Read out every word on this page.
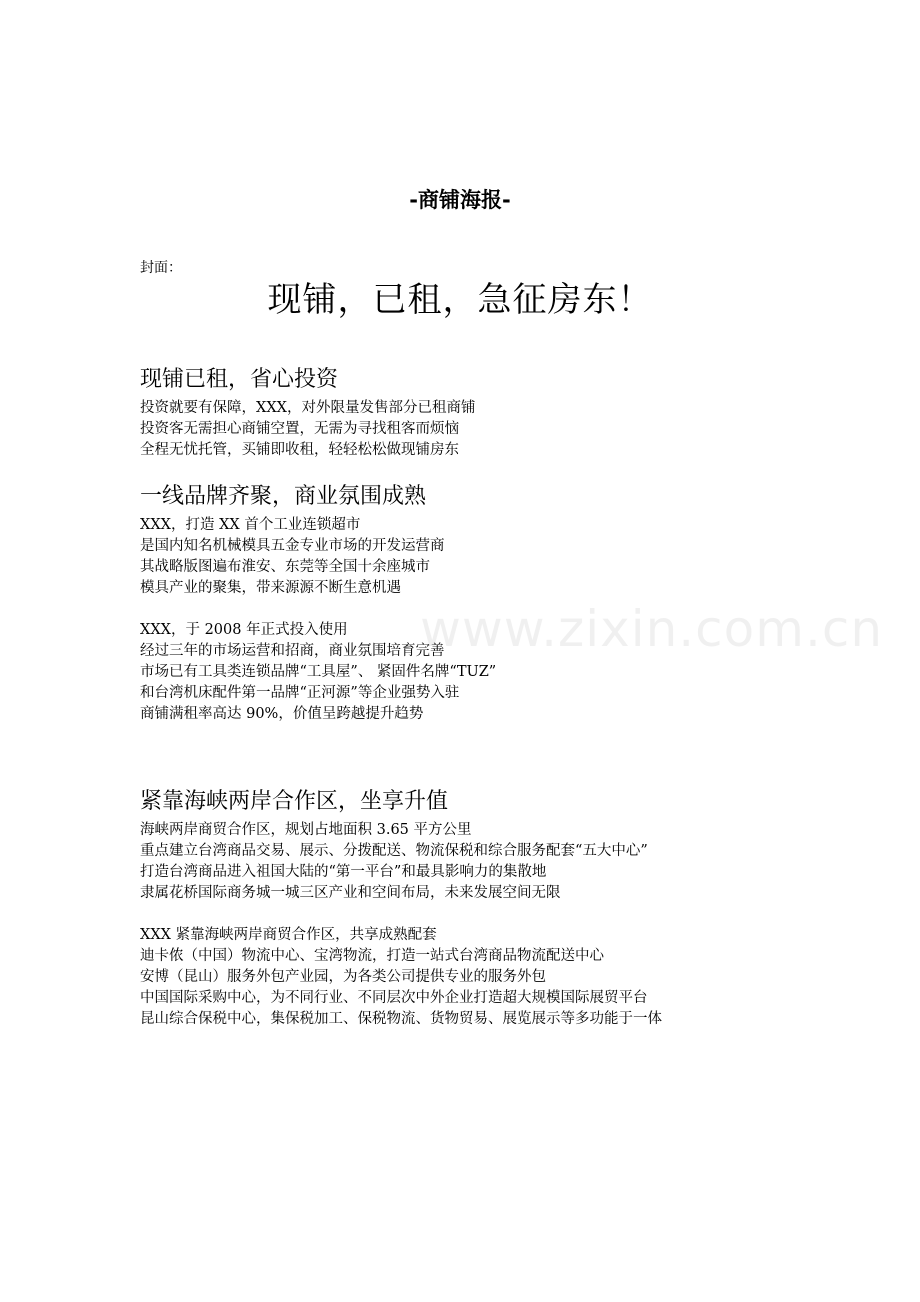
www.zixin.com.cn
-商铺海报-
封面：
现铺，已租，急征房东！
现铺已租，省心投资
投资就要有保障，XXX，对外限量发售部分已租商铺
投资客无需担心商铺空置，无需为寻找租客而烦恼
全程无忧托管，买铺即收租，轻轻松松做现铺房东
一线品牌齐聚，商业氛围成熟
XXX，打造 XX 首个工业连锁超市
是国内知名机械模具五金专业市场的开发运营商
其战略版图遍布淮安、东莞等全国十余座城市
模具产业的聚集，带来源源不断生意机遇
XXX，于 2008 年正式投入使用
经过三年的市场运营和招商，商业氛围培育完善
市场已有工具类连锁品牌“工具屋”、 紧固件名牌“TUZ”
和台湾机床配件第一品牌“正河源”等企业强势入驻
商铺满租率高达 90%，价值呈跨越提升趋势
紧靠海峡两岸合作区，坐享升值
海峡两岸商贸合作区，规划占地面积 3.65 平方公里
重点建立台湾商品交易、展示、分拨配送、物流保税和综合服务配套“五大中心”
打造台湾商品进入祖国大陆的“第一平台”和最具影响力的集散地
隶属花桥国际商务城一城三区产业和空间布局，未来发展空间无限
XXX 紧靠海峡两岸商贸合作区，共享成熟配套
迪卡侬（中国）物流中心、宝湾物流，打造一站式台湾商品物流配送中心
安博（昆山）服务外包产业园，为各类公司提供专业的服务外包
中国国际采购中心，为不同行业、不同层次中外企业打造超大规模国际展贸平台
昆山综合保税中心，集保税加工、保税物流、货物贸易、展览展示等多功能于一体
